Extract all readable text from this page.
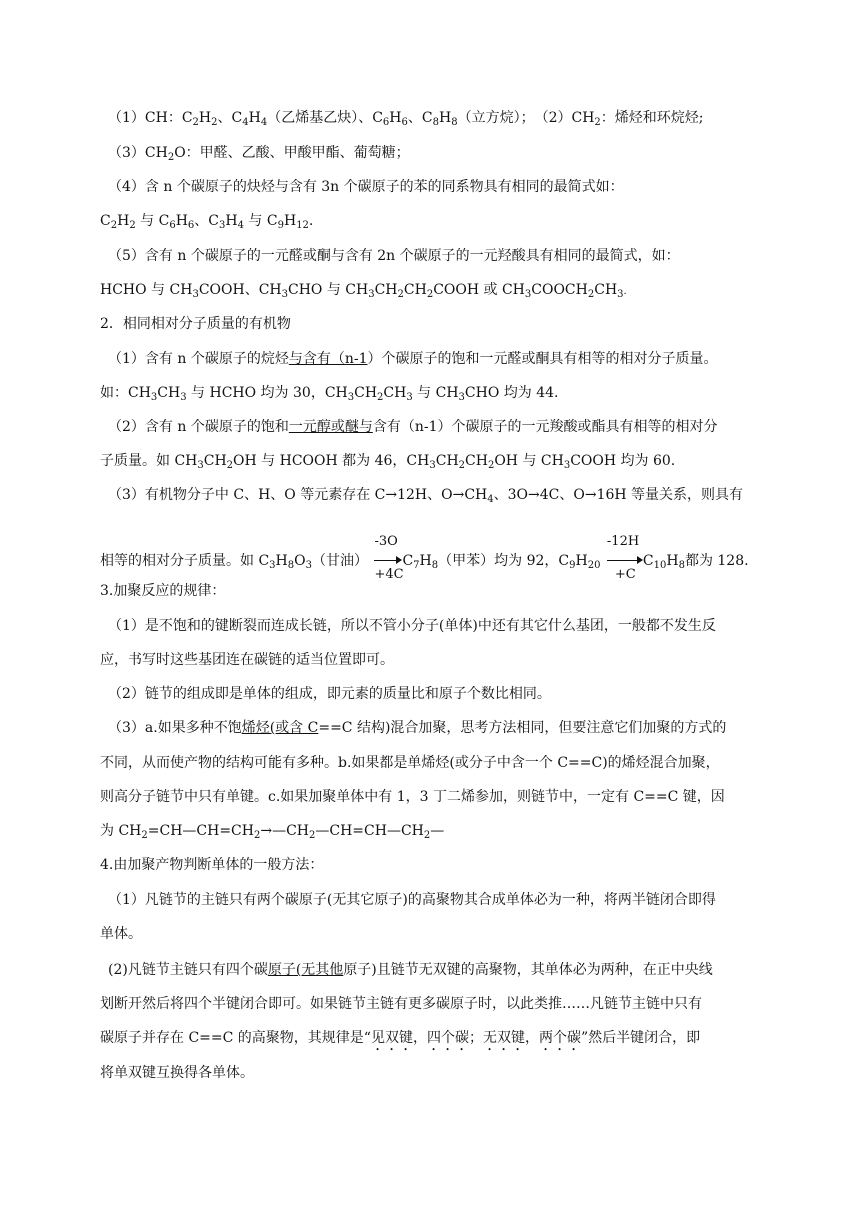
（1）CH：$C_2H_2$、$C_4H_4$（乙烯基乙炔）、$C_6H_6$、$C_8H_8$（立方烷）；　$(2)CH_2$：烯烃和环烷烃;
$(3)CH_2O$：甲醛、乙酸、甲酸甲酯、葡萄糖；
（4）含 n 个碳原子的炔烃与含有 3n 个碳原子的苯的同系物具有相同的最简式如：
$C_2H_2$ 与 $C_6H_6$、$C_3H_4$ 与 $C_9H_{12}$.
（5）含有 n 个碳原子的一元醛或酮与含有 2n 个碳原子的一元羟酸具有相同的最简式，如：
HCHO 与 $CH_3COOH$、$CH_3CHO$ 与 $CH_3CH_2CH_2COOH$ 或 $CH_3COOCH_2CH_3$.
2．相同相对分子质量的有机物
（1）含有 n 个碳原子的烷烃与含有（n-1）个碳原子的饱和一元醛或酮具有相等的相对分子质量。
如：$CH_3CH_3$ 与 HCHO 均为 30，$CH_3CH_2CH_3$ 与 $CH_3CHO$ 均为 44.
（2）含有 n 个碳原子的饱和一元醇或醚与含有（n-1）个碳原子的一元羧酸或酯具有相等的相对分
子质量。如 $CH_3CH_2OH$ 与 HCOOH 都为 46，$CH_3CH_2CH_2OH$ 与 $CH_3COOH$ 均为 60.
（3）有机物分子中 C、H、O 等元素存在 C→12H、$O\to CH_4$、3O→4C、O→16H 等量关系，则具有
相等的相对分子质量。如 $C_3H_8O_3$（甘油） $\frac{-3O}{+4C} C_7H_8$（甲苯）均为 92，$C_9H_{20} \frac{-12H}{+C} C_{10}H_8$都为 128.
3.加聚反应的规律：
（1）是不饱和的键断裂而连成长链，所以不管小分子(单体)中还有其它什么基团，一般都不发生反
应，书写时这些基团连在碳链的适当位置即可。
（2）链节的组成即是单体的组成，即元素的质量比和原子个数比相同。
（3）a.如果多种不饱烯烃(或含 C==C 结构)混合加聚，思考方法相同，但要注意它们加聚的方式的
不同，从而使产物的结构可能有多种。b.如果都是单烯烃(或分子中含一个 C==C)的烯烃混合加聚，
则高分子链节中只有单键。c.如果加聚单体中有 1，3 丁二烯参加，则链节中，一定有 C==C 键，因
为 $CH_2=CH—CH=CH_2\to—CH_2—CH=CH—CH_2—$
4.由加聚产物判断单体的一般方法：
（1）凡链节的主链只有两个碳原子(无其它原子)的高聚物其合成单体必为一种，将两半链闭合即得
单体。
(2)凡链节主链只有四个碳原子(无其他原子)且链节无双键的高聚物，其单体必为两种，在正中央线
划断开然后将四个半键闭合即可。如果链节主链有更多碳原子时，以此类推……凡链节主链中只有
碳原子并存在 C==C 的高聚物，其规律是“见双键，四个碳；无双键，两个碳”然后半键闭合，即
将单双键互换得各单体。
